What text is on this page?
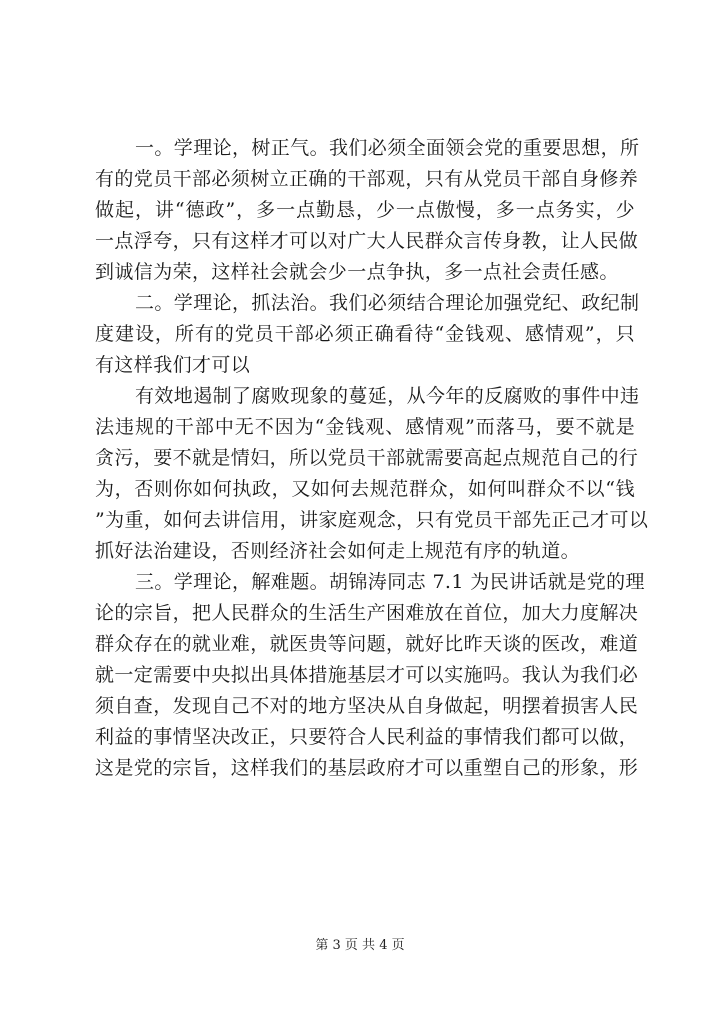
一。学理论，树正气。我们必须全面领会党的重要思想，所
有的党员干部必须树立正确的干部观，只有从党员干部自身修养
做起，讲“德政”，多一点勤恳，少一点傲慢，多一点务实，少
一点浮夸，只有这样才可以对广大人民群众言传身教，让人民做
到诚信为荣，这样社会就会少一点争执，多一点社会责任感。
二。学理论，抓法治。我们必须结合理论加强党纪、政纪制
度建设，所有的党员干部必须正确看待“金钱观、感情观”，只
有这样我们才可以
有效地遏制了腐败现象的蔓延，从今年的反腐败的事件中违
法违规的干部中无不因为“金钱观、感情观”而落马，要不就是
贪污，要不就是情妇，所以党员干部就需要高起点规范自己的行
为，否则你如何执政，又如何去规范群众，如何叫群众不以“钱
”为重，如何去讲信用，讲家庭观念，只有党员干部先正己才可以
抓好法治建设，否则经济社会如何走上规范有序的轨道。
三。学理论，解难题。胡锦涛同志 7.1 为民讲话就是党的理
论的宗旨，把人民群众的生活生产困难放在首位，加大力度解决
群众存在的就业难，就医贵等问题，就好比昨天谈的医改，难道
就一定需要中央拟出具体措施基层才可以实施吗。我认为我们必
须自查，发现自己不对的地方坚决从自身做起，明摆着损害人民
利益的事情坚决改正，只要符合人民利益的事情我们都可以做，
这是党的宗旨，这样我们的基层政府才可以重塑自己的形象，形
第 3 页 共 4 页
